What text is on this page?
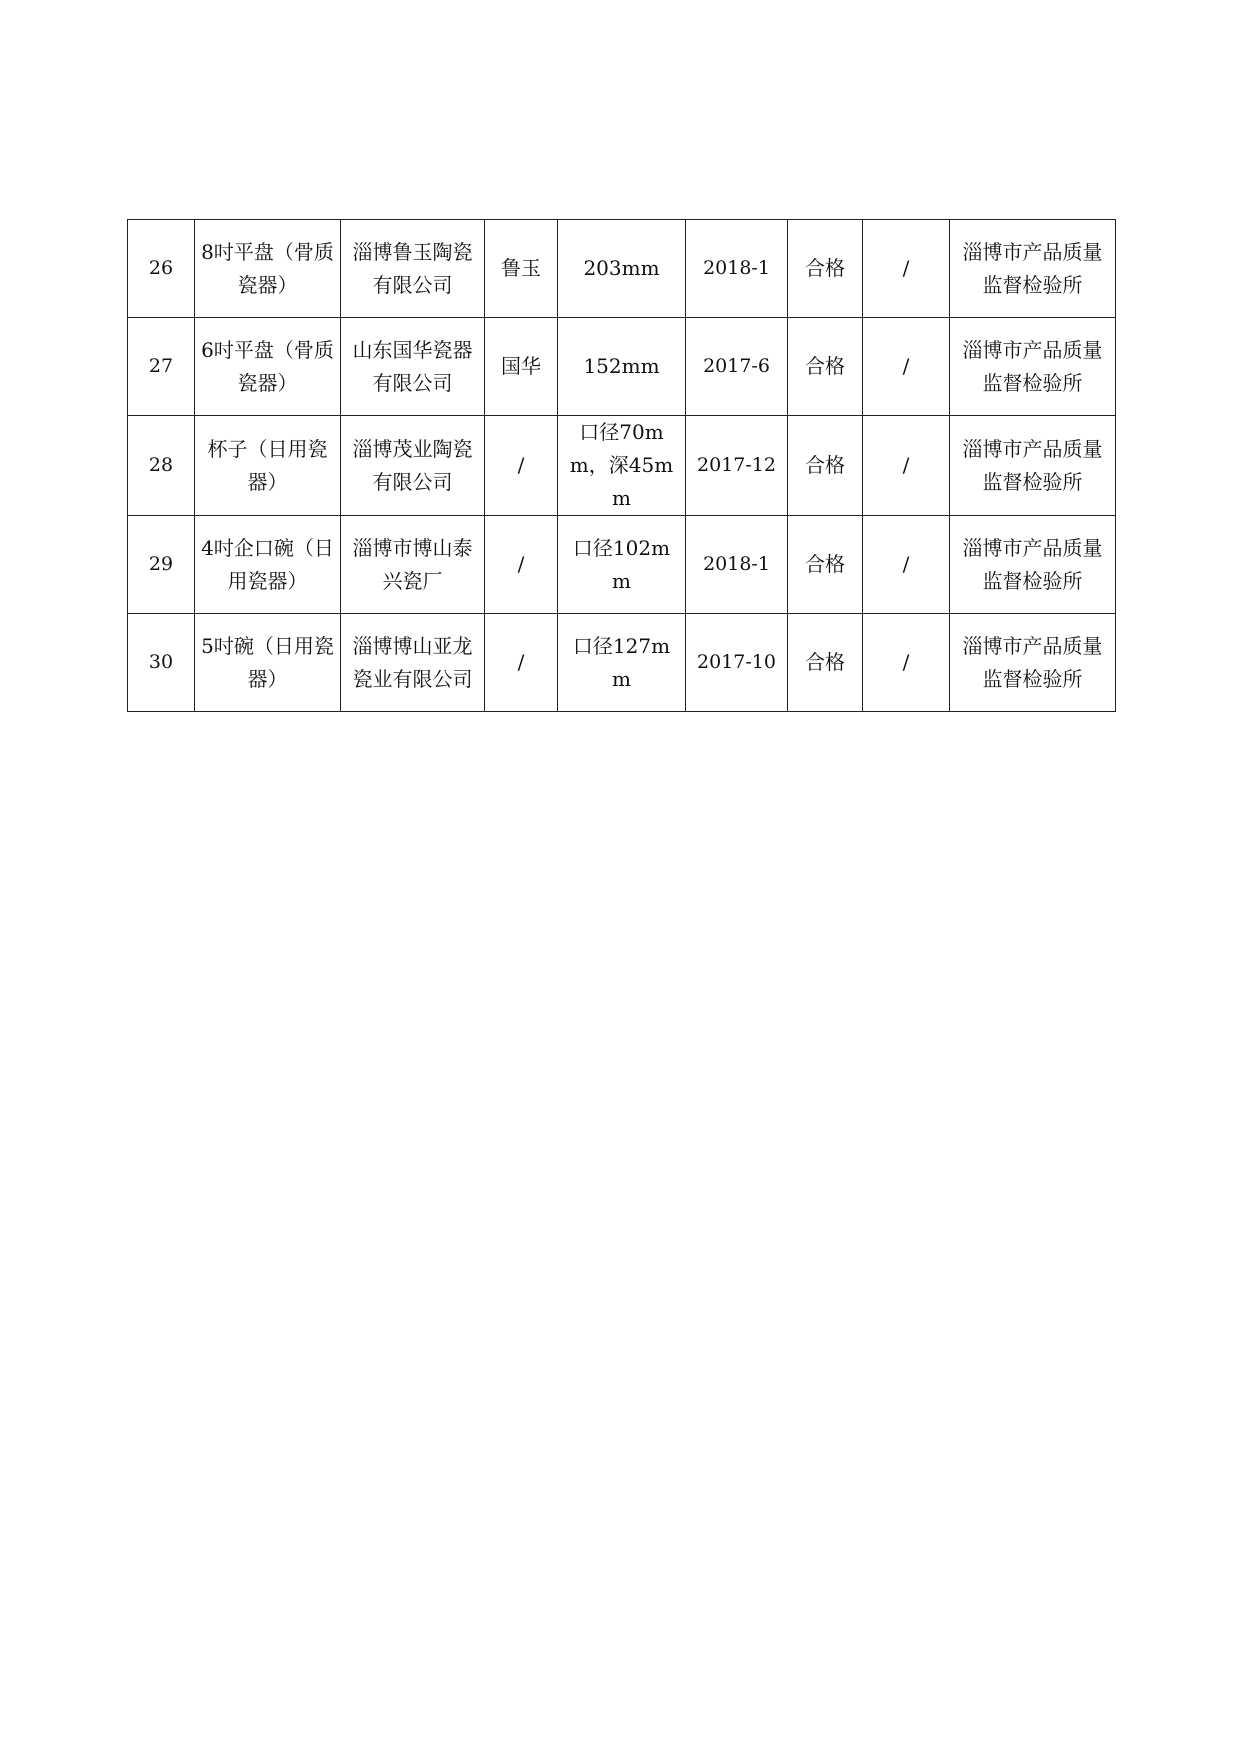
26	8吋平盘（骨质瓷器）	淄博鲁玉陶瓷有限公司	鲁玉	203mm	2018-1	合格	/	淄博市产品质量监督检验所
27	6吋平盘（骨质瓷器）	山东国华瓷器有限公司	国华	152mm	2017-6	合格	/	淄博市产品质量监督检验所
28	杯子（日用瓷器）	淄博茂业陶瓷有限公司	/	口径70mm，深45mm	2017-12	合格	/	淄博市产品质量监督检验所
29	4吋企口碗（日用瓷器）	淄博市博山泰兴瓷厂	/	口径102mm	2018-1	合格	/	淄博市产品质量监督检验所
30	5吋碗（日用瓷器）	淄博博山亚龙瓷业有限公司	/	口径127mm	2017-10	合格	/	淄博市产品质量监督检验所
